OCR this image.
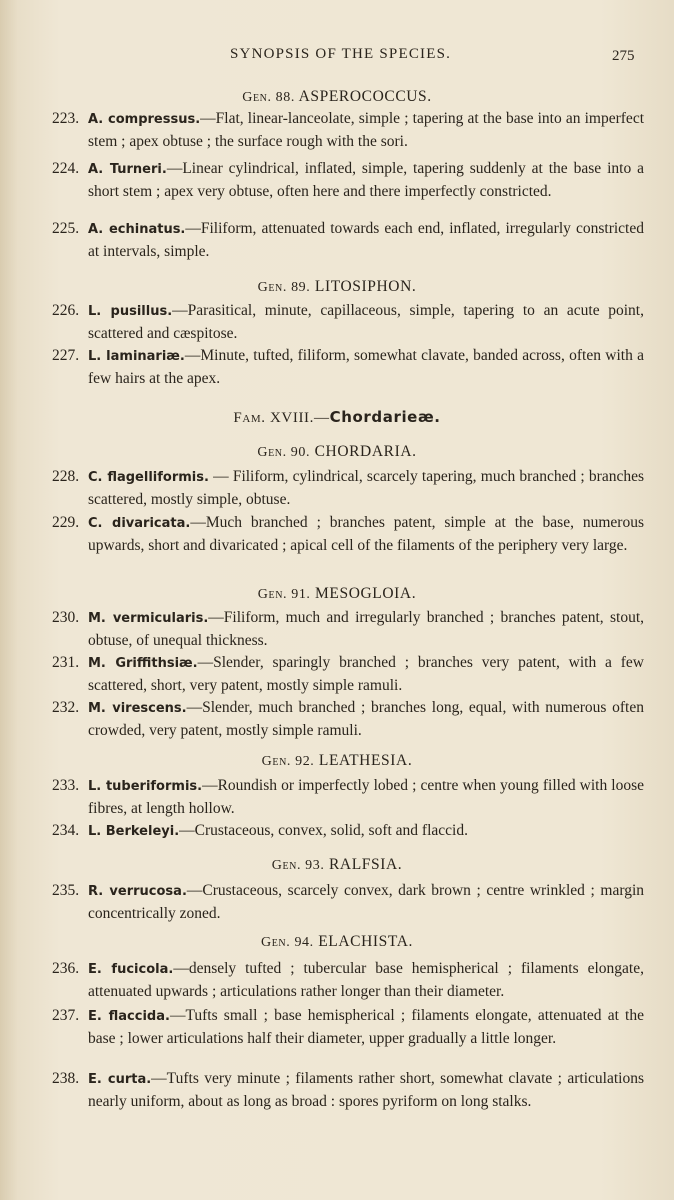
SYNOPSIS OF THE SPECIES.	275
Gen. 88. ASPEROCOCCUS.
223. A. compressus.—Flat, linear-lanceolate, simple ; tapering at the base into an imperfect stem ; apex obtuse ; the surface rough with the sori.
224. A. Turneri.—Linear cylindrical, inflated, simple, tapering suddenly at the base into a short stem ; apex very obtuse, often here and there imperfectly constricted.
225. A. echinatus.—Filiform, attenuated towards each end, inflated, irregularly constricted at intervals, simple.
Gen. 89. LITOSIPHON.
226. L. pusillus.—Parasitical, minute, capillaceous, simple, tapering to an acute point, scattered and cæspitose.
227. L. laminariæ.—Minute, tufted, filiform, somewhat clavate, banded across, often with a few hairs at the apex.
Fam. XVIII.—Chordarieæ.
Gen. 90. CHORDARIA.
228. C. flagelliformis. — Filiform, cylindrical, scarcely tapering, much branched ; branches scattered, mostly simple, obtuse.
229. C. divaricata.—Much branched ; branches patent, simple at the base, numerous upwards, short and divaricated ; apical cell of the filaments of the periphery very large.
Gen. 91. MESOGLOIA.
230. M. vermicularis.—Filiform, much and irregularly branched ; branches patent, stout, obtuse, of unequal thickness.
231. M. Griffithsiæ.—Slender, sparingly branched ; branches very patent, with a few scattered, short, very patent, mostly simple ramuli.
232. M. virescens.—Slender, much branched ; branches long, equal, with numerous often crowded, very patent, mostly simple ramuli.
Gen. 92. LEATHESIA.
233. L. tuberiformis.—Roundish or imperfectly lobed ; centre when young filled with loose fibres, at length hollow.
234. L. Berkeleyi.—Crustaceous, convex, solid, soft and flaccid.
Gen. 93. RALFSIA.
235. R. verrucosa.—Crustaceous, scarcely convex, dark brown ; centre wrinkled ; margin concentrically zoned.
Gen. 94. ELACHISTA.
236. E. fucicola.—densely tufted ; tubercular base hemispherical ; filaments elongate, attenuated upwards ; articulations rather longer than their diameter.
237. E. flaccida.—Tufts small ; base hemispherical ; filaments elongate, attenuated at the base ; lower articulations half their diameter, upper gradually a little longer.
238. E. curta.—Tufts very minute ; filaments rather short, somewhat clavate ; articulations nearly uniform, about as long as broad : spores pyriform on long stalks.
